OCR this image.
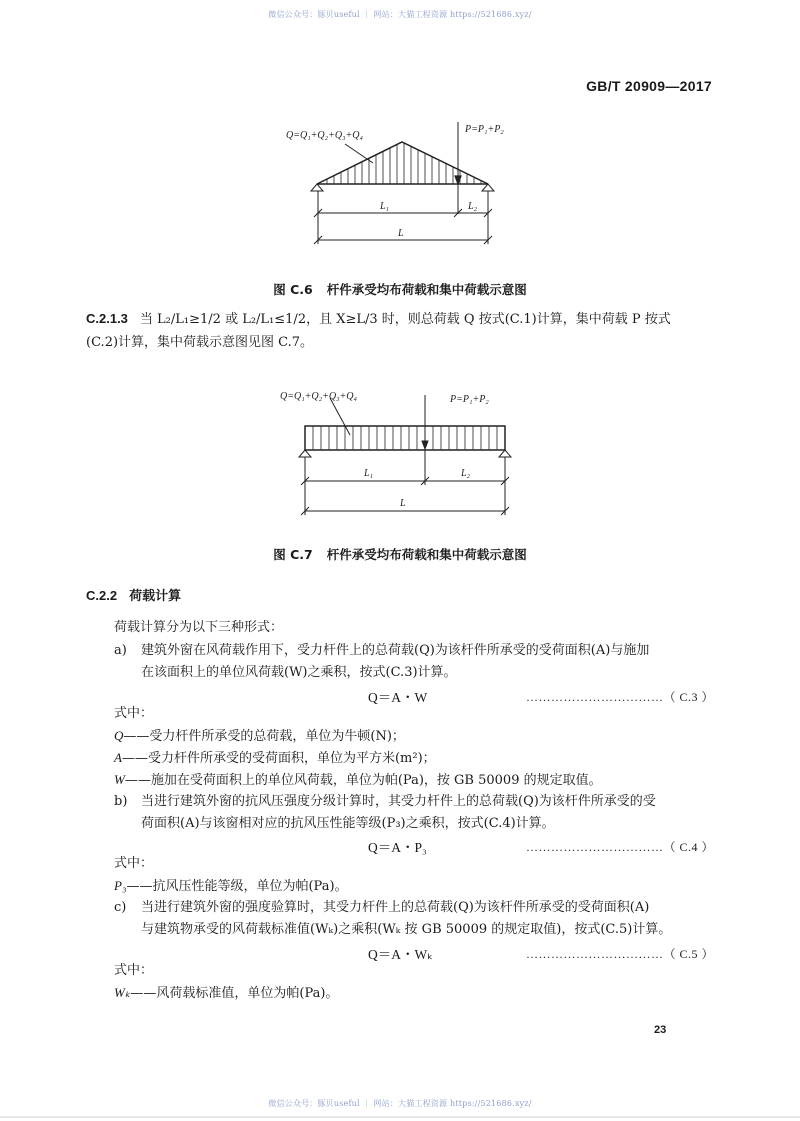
微信公众号：豚贝useful ｜ 网站：大猫工程资源 https://521686.xyz/
GB/T 20909—2017
Q=Q₁+Q₂+Q₃+Q₄
P=P₁+P₂
L₁	L₂
L
图 C.6 杆件承受均布荷载和集中荷载示意图
C.2.1.3 当 L₂/L₁≥1/2 或 L₂/L₁≤1/2，且 X≥L/3 时，则总荷载 Q 按式(C.1)计算，集中荷载 P 按式
(C.2)计算，集中荷载示意图见图 C.7。
Q=Q₁+Q₂+Q₃+Q₄	P=P₁+P₂
L₁	L₂
L
图 C.7 杆件承受均布荷载和集中荷载示意图
C.2.2 荷载计算
荷载计算分为以下三种形式：
a) 建筑外窗在风荷载作用下，受力杆件上的总荷载(Q)为该杆件所承受的受荷面积(A)与施加
在该面积上的单位风荷载(W)之乘积，按式(C.3)计算。
Q＝A・W	……………………………（ C.3 ）
式中：
Q——受力杆件所承受的总荷载，单位为牛顿(N)；
A——受力杆件所承受的受荷面积，单位为平方米(m²)；
W——施加在受荷面积上的单位风荷载，单位为帕(Pa)，按 GB 50009 的规定取值。
b) 当进行建筑外窗的抗风压强度分级计算时，其受力杆件上的总荷载(Q)为该杆件所承受的受
荷面积(A)与该窗相对应的抗风压性能等级(P₃)之乘积，按式(C.4)计算。
Q＝A・P₃	……………………………（ C.4 ）
式中：
P₃——抗风压性能等级，单位为帕(Pa)。
c) 当进行建筑外窗的强度验算时，其受力杆件上的总荷载(Q)为该杆件所承受的受荷面积(A)
与建筑物承受的风荷载标准值(Wₖ)之乘积(Wₖ 按 GB 50009 的规定取值)，按式(C.5)计算。
Q＝A・Wₖ	……………………………（ C.5 ）
式中：
Wₖ——风荷载标准值，单位为帕(Pa)。
23
微信公众号：豚贝useful ｜ 网站：大猫工程资源 https://521686.xyz/
